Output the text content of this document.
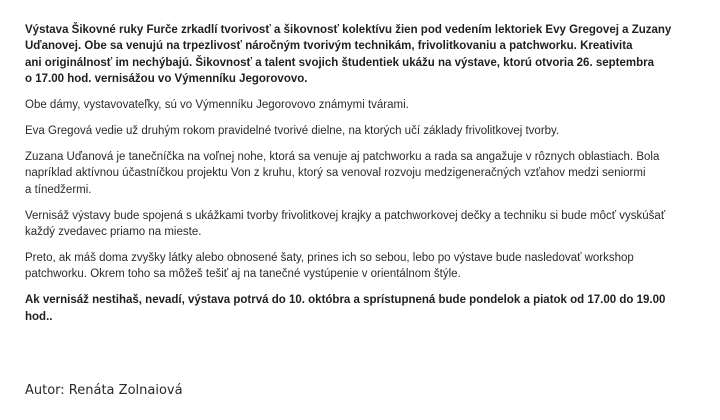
Výstava Šikovné ruky Furče zrkadlí tvorivosť a šikovnosť kolektívu žien pod vedením lektoriek Evy Gregovej a Zuzany
Uďanovej. Obe sa venujú na trpezlivosť náročným tvorivým technikám, frivolitkovaniu a patchworku. Kreativita
ani originálnosť im nechýbajú. Šikovnosť a talent svojich študentiek ukážu na výstave, ktorú otvoria 26. septembra
o 17.00 hod. vernisážou vo Výmenníku Jegorovovo.

Obe dámy, vystavovateľky, sú vo Výmenníku Jegorovovo známymi tvárami.

Eva Gregová vedie už druhým rokom pravidelné tvorivé dielne, na ktorých učí základy frivolitkovej tvorby.

Zuzana Uďanová je tanečníčka na voľnej nohe, ktorá sa venuje aj patchworku a rada sa angažuje v rôznych oblastiach. Bola
napríklad aktívnou účastníčkou projektu Von z kruhu, ktorý sa venoval rozvoju medzigeneračných vzťahov medzi seniormi
a tínedžermi.

Vernisáž výstavy bude spojená s ukážkami tvorby frivolitkovej krajky a patchworkovej dečky a techniku si bude môcť vyskúšať
každý zvedavec priamo na mieste.

Preto, ak máš doma zvyšky látky alebo obnosené šaty, prines ich so sebou, lebo po výstave bude nasledovať workshop
patchworku. Okrem toho sa môžeš tešiť aj na tanečné vystúpenie v orientálnom štýle.

Ak vernisáž nestihaš, nevadí, výstava potrvá do 10. októbra a sprístupnená bude pondelok a piatok od 17.00 do 19.00
hod..

Autor: Renáta Zolnaiová
